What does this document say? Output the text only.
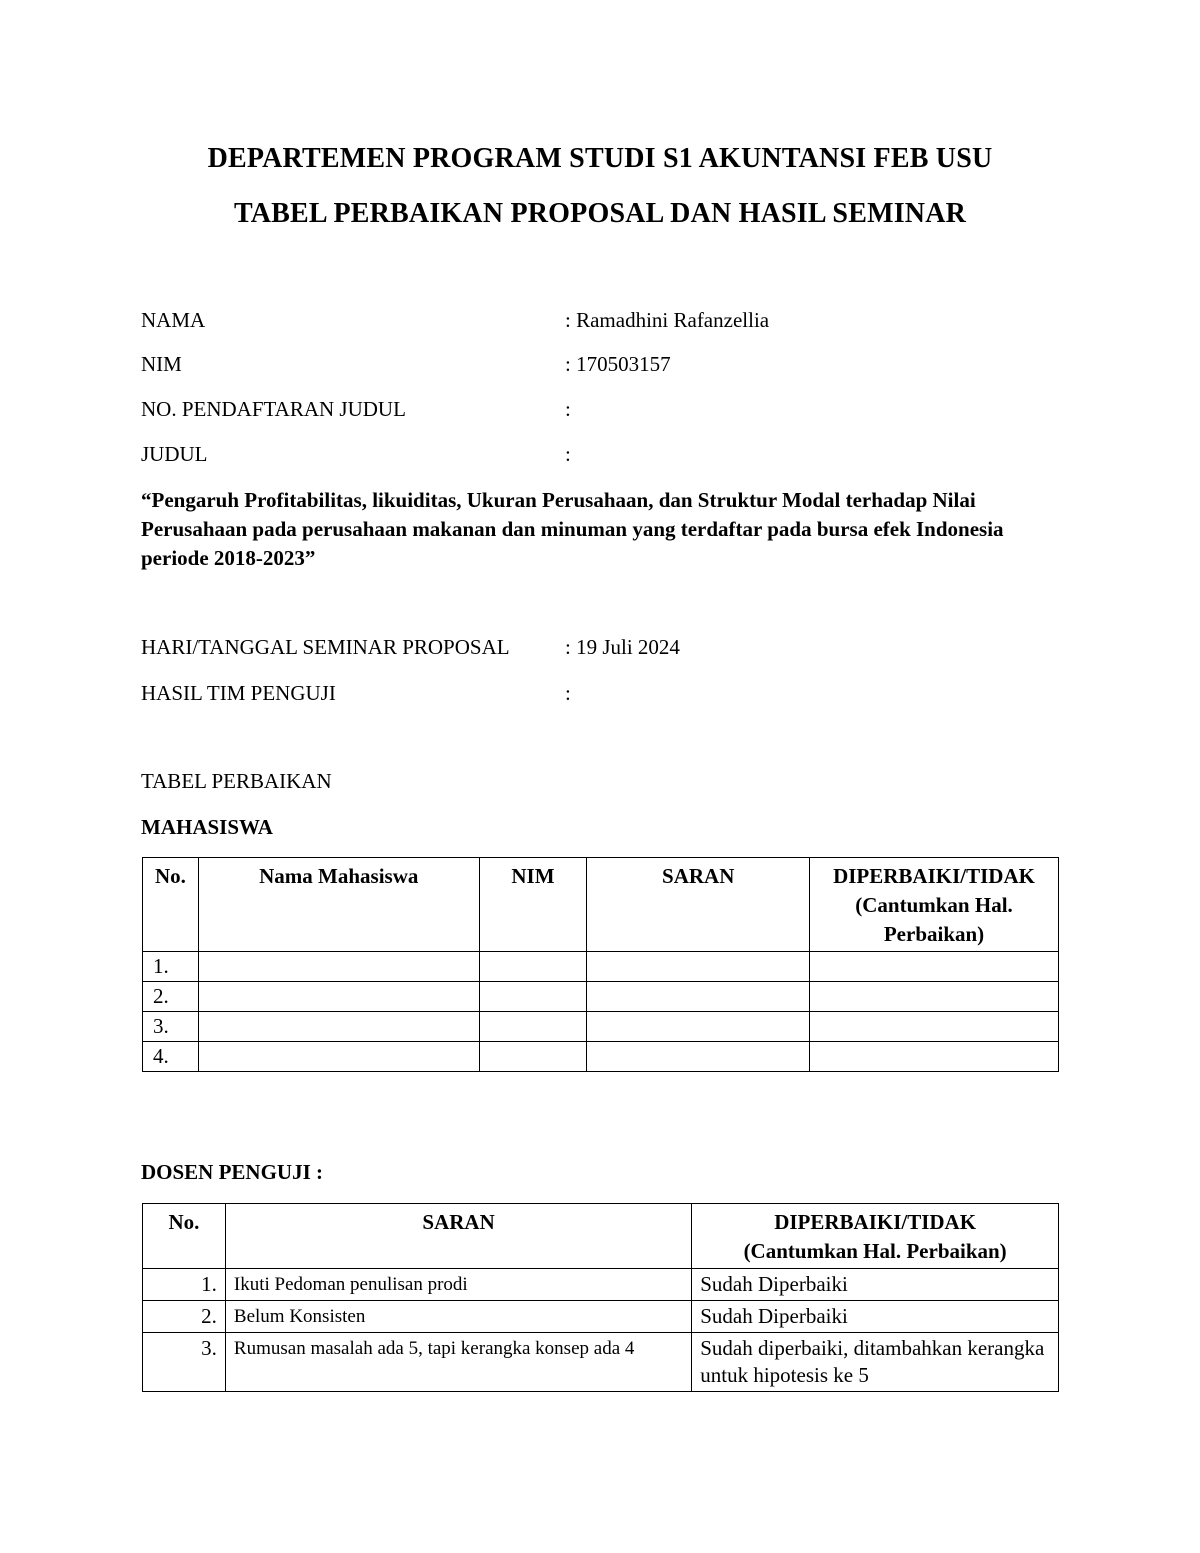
DEPARTEMEN PROGRAM STUDI S1 AKUNTANSI FEB USU
TABEL PERBAIKAN PROPOSAL DAN HASIL SEMINAR
NAMA	: Ramadhini Rafanzellia
NIM	: 170503157
NO. PENDAFTARAN JUDUL	:
JUDUL	:
“Pengaruh Profitabilitas, likuiditas, Ukuran Perusahaan, dan Struktur Modal terhadap Nilai Perusahaan pada perusahaan makanan dan minuman yang terdaftar pada bursa efek Indonesia periode 2018-2023”
HARI/TANGGAL SEMINAR PROPOSAL	: 19 Juli 2024
HASIL TIM PENGUJI	:
TABEL PERBAIKAN
MAHASISWA
No.	Nama Mahasiswa	NIM	SARAN	DIPERBAIKI/TIDAK (Cantumkan Hal. Perbaikan)
1.				
2.				
3.				
4.				
DOSEN PENGUJI :
No.	SARAN	DIPERBAIKI/TIDAK
(Cantumkan Hal. Perbaikan)

1.	Ikuti Pedoman penulisan prodi	Sudah Diperbaiki
2.	Belum Konsisten	Sudah Diperbaiki
3.	Rumusan masalah ada 5, tapi kerangka konsep ada 4	Sudah diperbaiki, ditambahkan kerangka untuk hipotesis ke 5
